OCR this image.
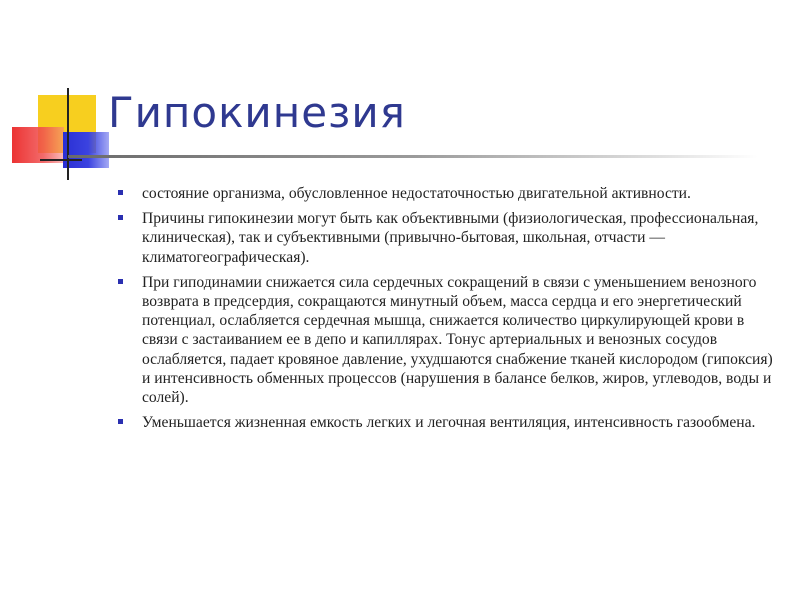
Гипокинезия
состояние организма, обусловленное недостаточностью двигательной активности.
Причины гипокинезии могут быть как объективными (физиологическая, профессиональная, клиническая), так и субъективными (привычно-бытовая, школьная, отчасти — климатогеографическая).
При гиподинамии снижается сила сердечных сокращений в связи с уменьшением венозного возврата в предсердия, сокращаются минутный объем, масса сердца и его энергетический потенциал, ослабляется сердечная мышца, снижается количество циркулирующей крови в связи с застаиванием ее в депо и капиллярах. Тонус артериальных и венозных сосудов ослабляется, падает кровяное давление, ухудшаются снабжение тканей кислородом (гипоксия) и интенсивность обменных процессов (нарушения в балансе белков, жиров, углеводов, воды и солей).
Уменьшается жизненная емкость легких и легочная вентиляция, интенсивность газообмена.
